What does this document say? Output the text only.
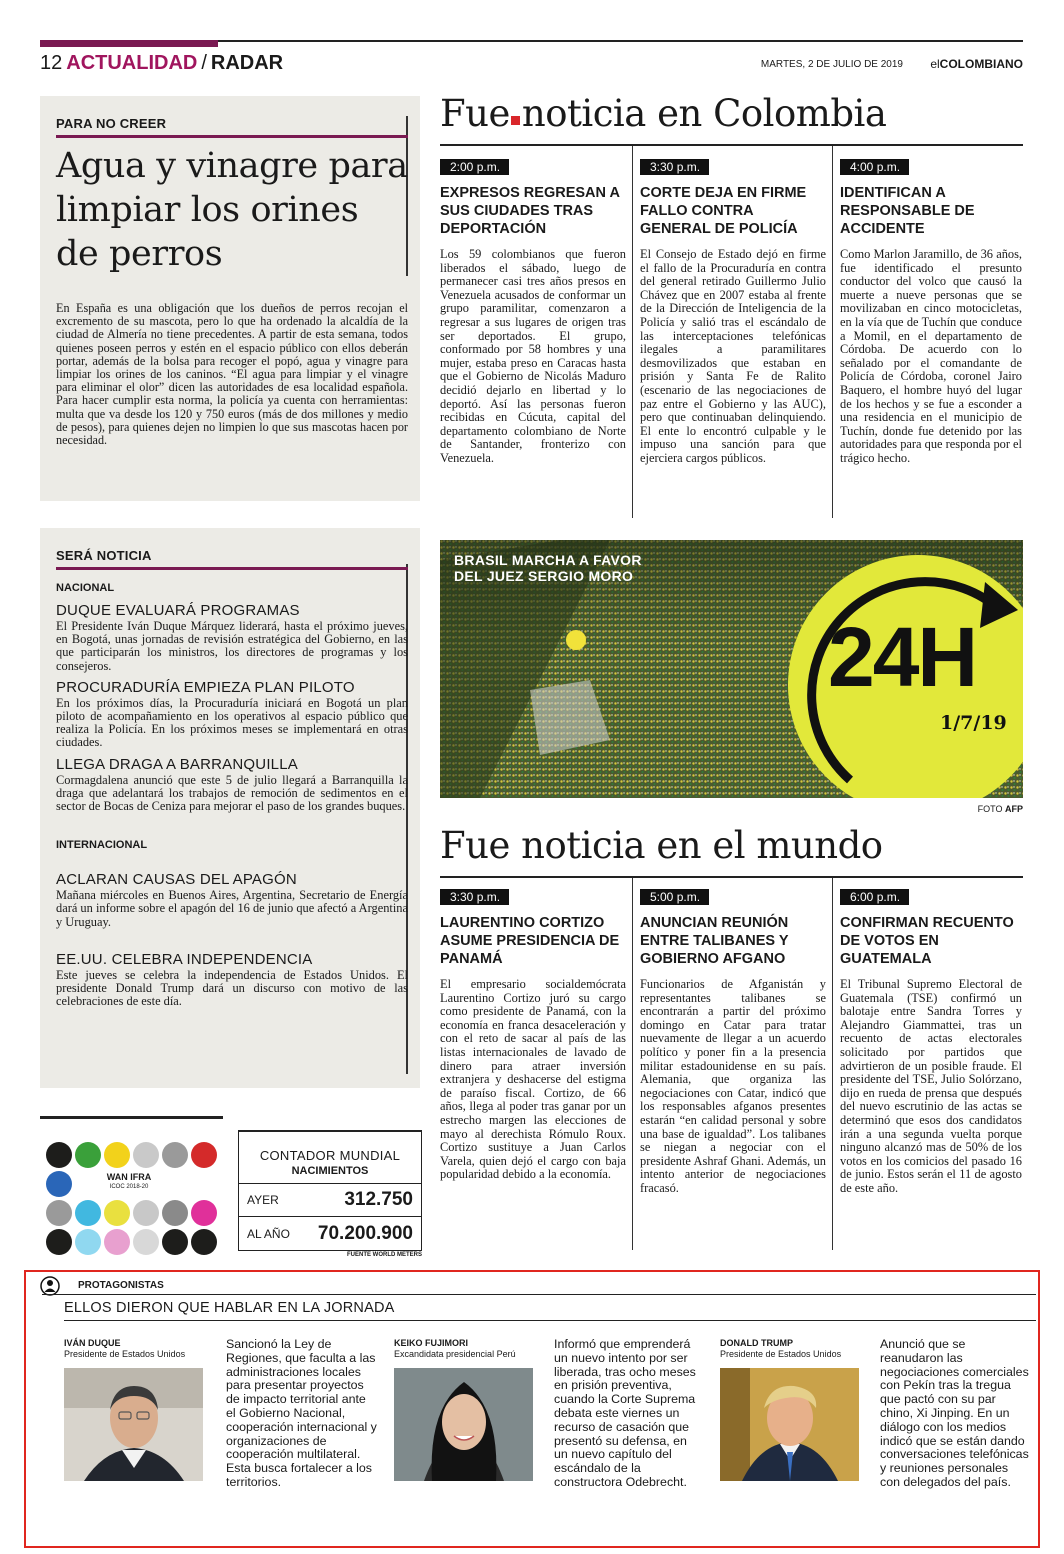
12 ACTUALIDAD / RADAR	MARTES, 2 DE JULIO DE 2019 elCOLOMBIANO
PARA NO CREER
Agua y vinagre para limpiar los orines de perros
En España es una obligación que los dueños de perros recojan el excremento de su mascota, pero lo que ha ordenado la alcaldía de la ciudad de Almería no tiene precedentes. A partir de esta semana, todos quienes poseen perros y estén en el espacio público con ellos deberán portar, además de la bolsa para recoger el popó, agua y vinagre para limpiar los orines de los caninos. “El agua para limpiar y el vinagre para eliminar el olor” dicen las autoridades de esa localidad española. Para hacer cumplir esta norma, la policía ya cuenta con herramientas: multa que va desde los 120 y 750 euros (más de dos millones y medio de pesos), para quienes dejen no limpien lo que sus mascotas hacen por necesidad.
Fue noticia en Colombia
2:00 p.m.
EXPRESOS REGRESAN A SUS CIUDADES TRAS DEPORTACIÓN
Los 59 colombianos que fueron liberados el sábado, luego de permanecer casi tres años presos en Venezuela acusados de conformar un grupo paramilitar, comenzaron a regresar a sus lugares de origen tras ser deportados. El grupo, conformado por 58 hombres y una mujer, estaba preso en Caracas hasta que el Gobierno de Nicolás Maduro decidió dejarlo en libertad y lo deportó. Así las personas fueron recibidas en Cúcuta, capital del departamento colombiano de Norte de Santander, fronterizo con Venezuela.
3:30 p.m.
CORTE DEJA EN FIRME FALLO CONTRA GENERAL DE POLICÍA
El Consejo de Estado dejó en firme el fallo de la Procuraduría en contra del general retirado Guillermo Julio Chávez que en 2007 estaba al frente de la Dirección de Inteligencia de la Policía y salió tras el escándalo de las interceptaciones telefónicas ilegales a paramilitares desmovilizados que estaban en prisión y Santa Fe de Ralito (escenario de las negociaciones de paz entre el Gobierno y las AUC), pero que continuaban delinquiendo. El ente lo encontró culpable y le impuso una sanción para que ejerciera cargos públicos.
4:00 p.m.
IDENTIFICAN A RESPONSABLE DE ACCIDENTE
Como Marlon Jaramillo, de 36 años, fue identificado el presunto conductor del volco que causó la muerte a nueve personas que se movilizaban en cinco motocicletas, en la vía que de Tuchín que conduce a Momil, en el departamento de Córdoba. De acuerdo con lo señalado por el comandante de Policía de Córdoba, coronel Jairo Baquero, el hombre huyó del lugar de los hechos y se fue a esconder a una residencia en el municipio de Tuchín, donde fue detenido por las autoridades para que responda por el trágico hecho.
SERÁ NOTICIA
NACIONAL
DUQUE EVALUARÁ PROGRAMAS
El Presidente Iván Duque Márquez liderará, hasta el próximo jueves, en Bogotá, unas jornadas de revisión estratégica del Gobierno, en las que participarán los ministros, los directores de programas y los consejeros.
PROCURADURÍA EMPIEZA PLAN PILOTO
En los próximos días, la Procuraduría iniciará en Bogotá un plan piloto de acompañamiento en los operativos al espacio público que realiza la Policía. En los próximos meses se implementará en otras ciudades.
LLEGA DRAGA A BARRANQUILLA
Cormagdalena anunció que este 5 de julio llegará a Barranquilla la draga que adelantará los trabajos de remoción de sedimentos en el sector de Bocas de Ceniza para mejorar el paso de los grandes buques.
INTERNACIONAL
ACLARAN CAUSAS DEL APAGÓN
Mañana miércoles en Buenos Aires, Argentina, Secretario de Energía dará un informe sobre el apagón del 16 de junio que afectó a Argentina y Uruguay.
EE.UU. CELEBRA INDEPENDENCIA
Este jueves se celebra la independencia de Estados Unidos. El presidente Donald Trump dará un discurso con motivo de las celebraciones de este día.
BRASIL MARCHA A FAVOR DEL JUEZ SERGIO MORO
24H
1/7/19
FOTO AFP
Fue noticia en el mundo
3:30 p.m.
LAURENTINO CORTIZO ASUME PRESIDENCIA DE PANAMÁ
El empresario socialdemócrata Laurentino Cortizo juró su cargo como presidente de Panamá, con la economía en franca desaceleración y con el reto de sacar al país de las listas internacionales de lavado de dinero para atraer inversión extranjera y deshacerse del estigma de paraíso fiscal. Cortizo, de 66 años, llega al poder tras ganar por un estrecho margen las elecciones de mayo al derechista Rómulo Roux. Cortizo sustituye a Juan Carlos Varela, quien dejó el cargo con baja popularidad debido a la economía.
5:00 p.m.
ANUNCIAN REUNIÓN ENTRE TALIBANES Y GOBIERNO AFGANO
Funcionarios de Afganistán y representantes talibanes se encontrarán a partir del próximo domingo en Catar para tratar nuevamente de llegar a un acuerdo político y poner fin a la presencia militar estadounidense en su país. Alemania, que organiza las negociaciones con Catar, indicó que los responsables afganos presentes estarán “en calidad personal y sobre una base de igualdad”. Los talibanes se niegan a negociar con el presidente Ashraf Ghani. Además, un intento anterior de negociaciones fracasó.
6:00 p.m.
CONFIRMAN RECUENTO DE VOTOS EN GUATEMALA
El Tribunal Supremo Electoral de Guatemala (TSE) confirmó un balotaje entre Sandra Torres y Alejandro Giammattei, tras un recuento de actas electorales solicitado por partidos que advirtieron de un posible fraude. El presidente del TSE, Julio Solórzano, dijo en rueda de prensa que después del nuevo escrutinio de las actas se determinó que esos dos candidatos irán a una segunda vuelta porque ninguno alcanzó mas de 50% de los votos en los comicios del pasado 16 de junio. Estos serán el 11 de agosto de este año.
WAN IFRA
ICOC 2018-20
CONTADOR MUNDIAL
NACIMIENTOS
AYER	312.750
AL AÑO 70.200.900
FUENTE WORLD METERS
PROTAGONISTAS
ELLOS DIERON QUE HABLAR EN LA JORNADA
IVÁN DUQUE
Presidente de Estados Unidos
Sancionó la Ley de Regiones, que faculta a las administraciones locales para presentar proyectos de impacto territorial ante el Gobierno Nacional, cooperación internacional y organizaciones de cooperación multilateral. Esta busca fortalecer a los territorios.
KEIKO FUJIMORI
Excandidata presidencial Perú
Informó que emprenderá un nuevo intento por ser liberada, tras ocho meses en prisión preventiva, cuando la Corte Suprema debata este viernes un recurso de casación que presentó su defensa, en un nuevo capítulo del escándalo de la constructora Odebrecht.
DONALD TRUMP
Presidente de Estados Unidos
Anunció que se reanudaron las negociaciones comerciales con Pekín tras la tregua que pactó con su par chino, Xi Jinping. En un diálogo con los medios indicó que se están dando conversaciones telefónicas y reuniones personales con delegados del país.
